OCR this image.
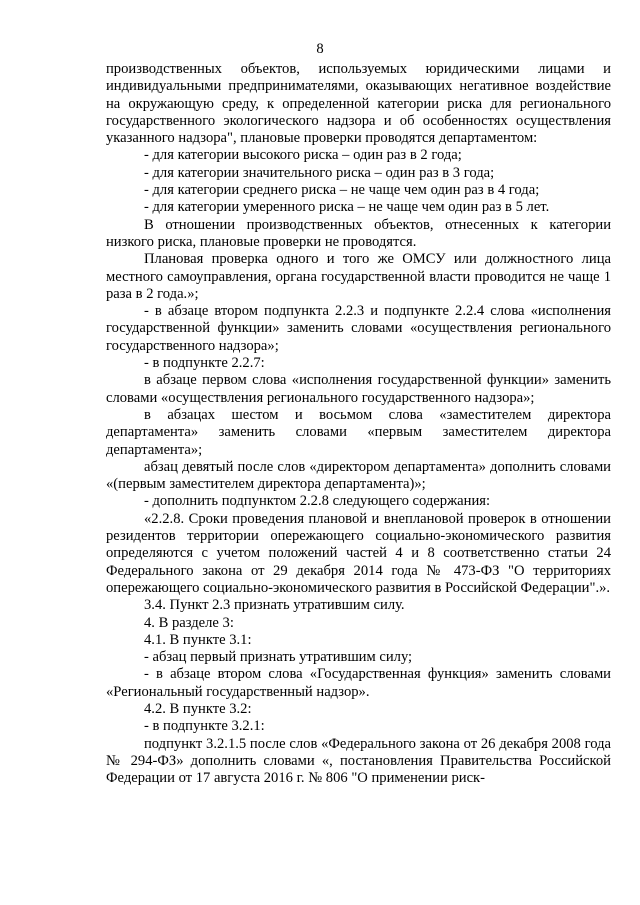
8

производственных объектов, используемых юридическими лицами и индивидуальными предпринимателями, оказывающих негативное воздействие на окружающую среду, к определенной категории риска для регионального государственного экологического надзора и об особенностях осуществления указанного надзора", плановые проверки проводятся департаментом:

- для категории высокого риска – один раз в 2 года;

- для категории значительного риска – один раз в 3 года;

- для категории среднего риска – не чаще чем один раз в 4 года;

- для категории умеренного риска – не чаще чем один раз в 5 лет.

В отношении производственных объектов, отнесенных к категории низкого риска, плановые проверки не проводятся.

Плановая проверка одного и того же ОМСУ или должностного лица местного самоуправления, органа государственной власти проводится не чаще 1 раза в 2 года.»;

- в абзаце втором подпункта 2.2.3 и подпункте 2.2.4 слова «исполнения государственной функции» заменить словами «осуществления регионального государственного надзора»;

- в подпункте 2.2.7:

в абзаце первом слова «исполнения государственной функции» заменить словами «осуществления регионального государственного надзора»;

в абзацах шестом и восьмом слова «заместителем директора департамента» заменить словами «первым заместителем директора департамента»;

абзац девятый после слов «директором департамента» дополнить словами «(первым заместителем директора департамента)»;

- дополнить подпунктом 2.2.8 следующего содержания:

«2.2.8. Сроки проведения плановой и внеплановой проверок в отношении резидентов территории опережающего социально-экономического развития определяются с учетом положений частей 4 и 8 соответственно статьи 24 Федерального закона от 29 декабря 2014 года № 473-ФЗ "О территориях опережающего социально-экономического развития в Российской Федерации".».

3.4. Пункт 2.3 признать утратившим силу.

4. В разделе 3:

4.1. В пункте 3.1:

- абзац первый признать утратившим силу;

- в абзаце втором слова «Государственная функция» заменить словами «Региональный государственный надзор».

4.2. В пункте 3.2:

- в подпункте 3.2.1:

подпункт 3.2.1.5 после слов «Федерального закона от 26 декабря 2008 года № 294-ФЗ» дополнить словами «, постановления Правительства Российской Федерации от 17 августа 2016 г. № 806 "О применении риск-
